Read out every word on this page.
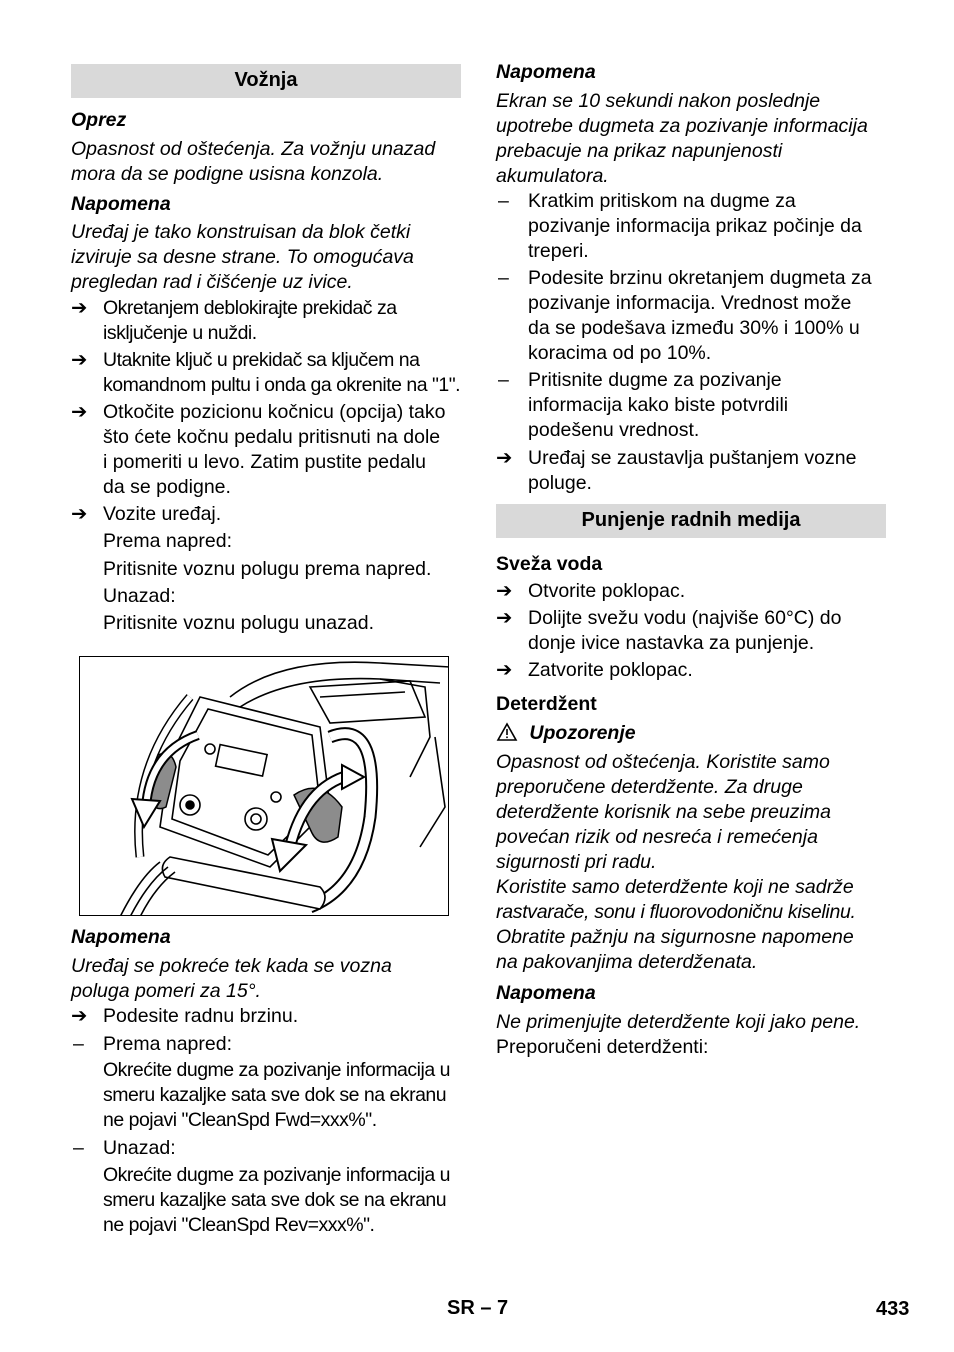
Vožnja
Oprez
Opasnost od oštećenja. Za vožnju unazad
mora da se podigne usisna konzola.
Napomena
Uređaj je tako konstruisan da blok četki
izviruje sa desne strane. To omogućava
pregledan rad i čišćenje uz ivice.
➔ Okretanjem deblokirajte prekidač za
isključenje u nuždi.
➔ Utaknite ključ u prekidač sa ključem na
komandnom pultu i onda ga okrenite na "1".
➔ Otkočite pozicionu kočnicu (opcija) tako
što ćete kočnu pedalu pritisnuti na dole
i pomeriti u levo. Zatim pustite pedalu
da se podigne.
➔ Vozite uređaj.
Prema napred:
Pritisnite voznu polugu prema napred.
Unazad:
Pritisnite voznu polugu unazad.
Napomena
Uređaj se pokreće tek kada se vozna
poluga pomeri za 15°.
➔ Podesite radnu brzinu.
– Prema napred:
Okrećite dugme za pozivanje informacija u
smeru kazaljke sata sve dok se na ekranu
ne pojavi "CleanSpd Fwd=xxx%".
– Unazad:
Okrećite dugme za pozivanje informacija u
smeru kazaljke sata sve dok se na ekranu
ne pojavi "CleanSpd Rev=xxx%".
Napomena
Ekran se 10 sekundi nakon poslednje
upotrebe dugmeta za pozivanje informacija
prebacuje na prikaz napunjenosti
akumulatora.
– Kratkim pritiskom na dugme za
pozivanje informacija prikaz počinje da
treperi.
– Podesite brzinu okretanjem dugmeta za
pozivanje informacija. Vrednost može
da se podešava između 30% i 100% u
koracima od po 10%.
– Pritisnite dugme za pozivanje
informacija kako biste potvrdili
podešenu vrednost.
➔ Uređaj se zaustavlja puštanjem vozne
poluge.
Punjenje radnih medija
Sveža voda
➔ Otvorite poklopac.
➔ Dolijte svežu vodu (najviše 60°C) do
donje ivice nastavka za punjenje.
➔ Zatvorite poklopac.
Deterdžent
Upozorenje
Opasnost od oštećenja. Koristite samo
preporučene deterdžente. Za druge
deterdžente korisnik na sebe preuzima
povećan rizik od nesreća i remećenja
sigurnosti pri radu.
Koristite samo deterdžente koji ne sadrže
rastvarače, sonu i fluorovodoničnu kiselinu.
Obratite pažnju na sigurnosne napomene
na pakovanjima deterdženata.
Napomena
Ne primenjujte deterdžente koji jako pene.
Preporučeni deterdženti:
SR – 7	433
